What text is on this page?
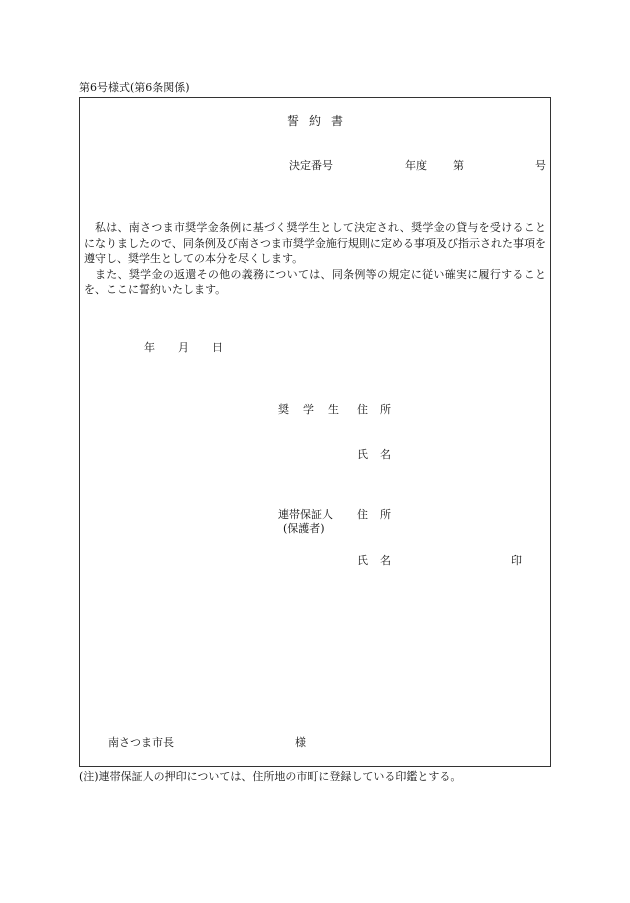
第6号様式(第6条関係)
誓約書
決定番号	年度 第	号

私は、南さつま市奨学金条例に基づく奨学生として決定され、奨学金の貸与を受けることになりましたので、同条例及び南さつま市奨学金施行規則に定める事項及び指示された事項を遵守し、奨学生としての本分を尽くします。

また、奨学金の返還その他の義務については、同条例等の規定に従い確実に履行することを、ここに誓約いたします。

年 月 日
奨学生 住所
氏名
連帯保証人
(保護者)
住所
氏名	印
南さつま市長	様
(注)連帯保証人の押印については、住所地の市町に登録している印鑑とする。
